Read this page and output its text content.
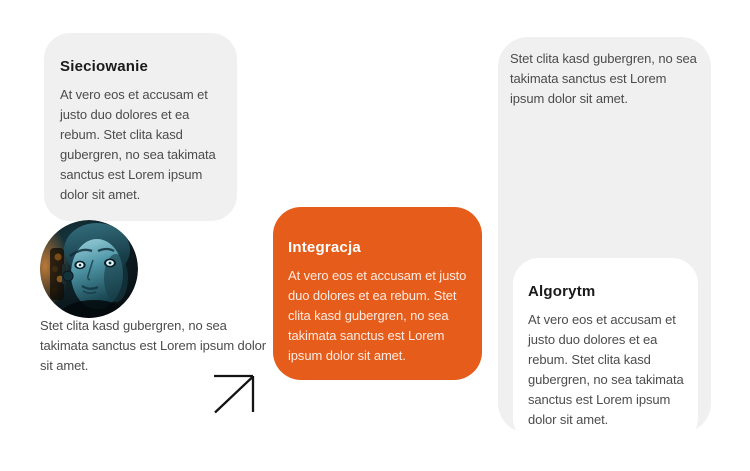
Sieciowanie

At vero eos et accusam et justo duo dolores et ea rebum. Stet clita kasd gubergren, no sea takimata sanctus est Lorem ipsum dolor sit amet.

Stet clita kasd gubergren, no sea takimata sanctus est Lorem ipsum dolor sit amet.

Algorytm

At vero eos et accusam et justo duo dolores et ea rebum. Stet clita kasd gubergren, no sea takimata sanctus est Lorem ipsum dolor sit amet.

Integracja

At vero eos et accusam et justo duo dolores et ea rebum. Stet clita kasd gubergren, no sea takimata sanctus est Lorem ipsum dolor sit amet.

Stet clita kasd gubergren, no sea takimata sanctus est Lorem ipsum dolor sit amet.
